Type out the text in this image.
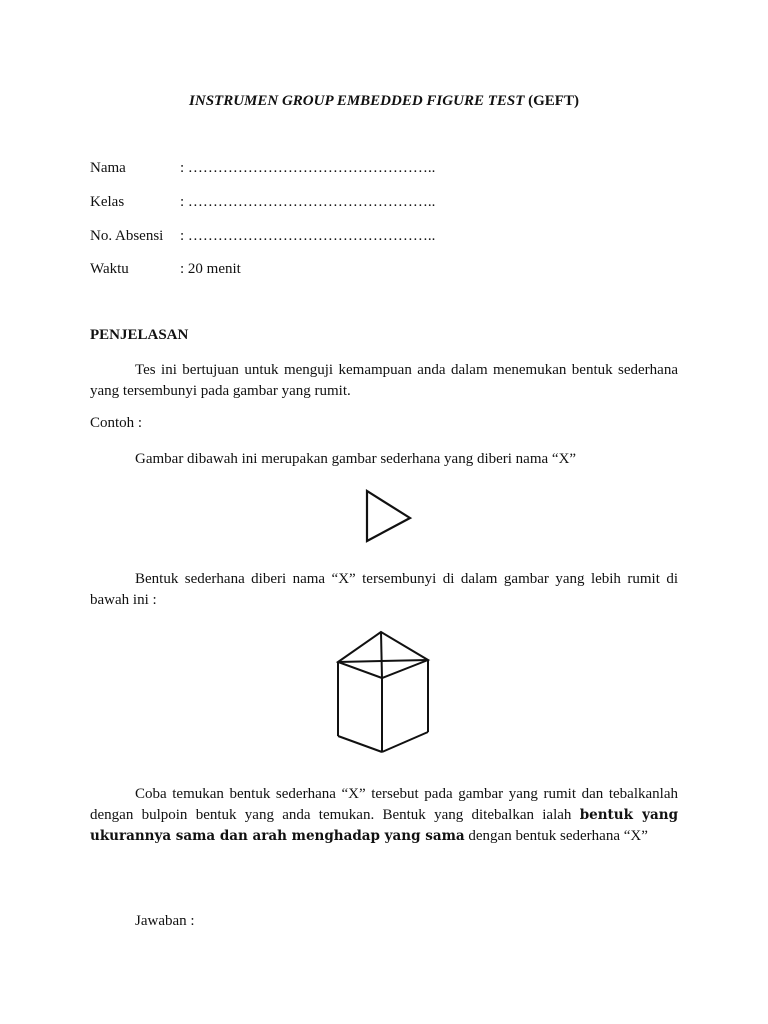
INSTRUMEN GROUP EMBEDDED FIGURE TEST (GEFT)
Nama	: …………………………………………..
Kelas	: …………………………………………..
No. Absensi : …………………………………………..
Waktu	: 20 menit
PENJELASAN
Tes ini bertujuan untuk menguji kemampuan anda dalam menemukan bentuk sederhana yang tersembunyi pada gambar yang rumit.
Contoh :
Gambar dibawah ini merupakan gambar sederhana yang diberi nama “X”
Bentuk sederhana diberi nama “X” tersembunyi di dalam gambar yang lebih rumit di bawah ini :
Coba temukan bentuk sederhana “X” tersebut pada gambar yang rumit dan tebalkanlah dengan bulpoin bentuk yang anda temukan. Bentuk yang ditebalkan ialah bentuk yang ukurannya sama dan arah menghadap yang sama dengan bentuk sederhana “X”
Jawaban :
